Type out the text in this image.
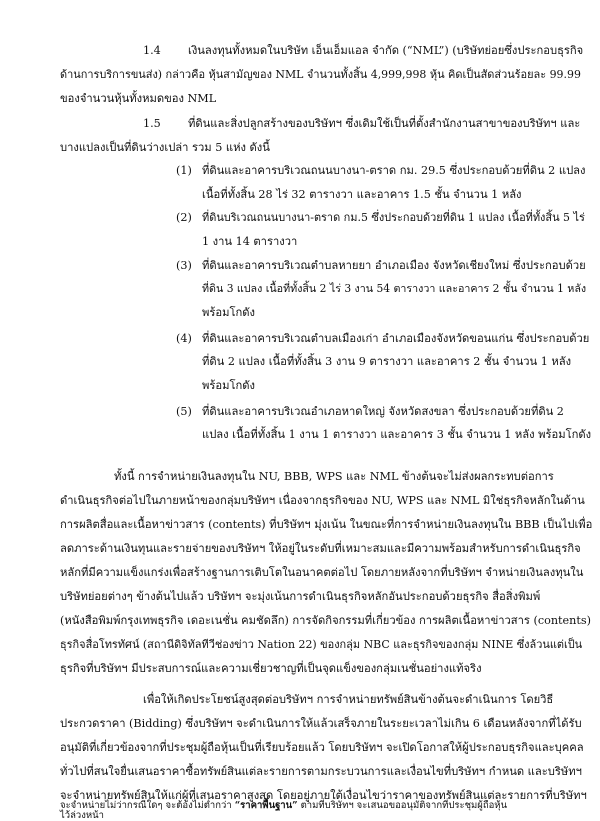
1.4 เงินลงทุนทั้งหมดในบริษัท เอ็นเอ็มแอล จำกัด (“NML”) (บริษัทย่อยซึ่งประกอบธุรกิจ
ด้านการบริการขนส่ง) กล่าวคือ หุ้นสามัญของ NML จำนวนทั้งสิ้น 4,999,998 หุ้น คิดเป็นสัดส่วนร้อยละ 99.99
ของจำนวนหุ้นทั้งหมดของ NML
1.5 ที่ดินและสิ่งปลูกสร้างของบริษัทฯ ซึ่งเดิมใช้เป็นที่ตั้งสำนักงานสาขาของบริษัทฯ และ
บางแปลงเป็นที่ดินว่างเปล่า รวม 5 แห่ง ดังนี้
(1) ที่ดินและอาคารบริเวณถนนบางนา-ตราด กม. 29.5 ซึ่งประกอบด้วยที่ดิน 2 แปลง
เนื้อที่ทั้งสิ้น 28 ไร่ 32 ตารางวา และอาคาร 1.5 ชั้น จำนวน 1 หลัง
(2) ที่ดินบริเวณถนนบางนา-ตราด กม.5 ซึ่งประกอบด้วยที่ดิน 1 แปลง เนื้อที่ทั้งสิ้น 5 ไร่
1 งาน 14 ตารางวา
(3) ที่ดินและอาคารบริเวณตำบลหายยา อำเภอเมือง จังหวัดเชียงใหม่ ซึ่งประกอบด้วย
ที่ดิน 3 แปลง เนื้อที่ทั้งสิ้น 2 ไร่ 3 งาน 54 ตารางวา และอาคาร 2 ชั้น จำนวน 1 หลัง
พร้อมโกดัง
(4) ที่ดินและอาคารบริเวณตำบลเมืองเก่า อำเภอเมืองจังหวัดขอนแก่น ซึ่งประกอบด้วย
ที่ดิน 2 แปลง เนื้อที่ทั้งสิ้น 3 งาน 9 ตารางวา และอาคาร 2 ชั้น จำนวน 1 หลัง
พร้อมโกดัง
(5) ที่ดินและอาคารบริเวณอำเภอหาดใหญ่ จังหวัดสงขลา ซึ่งประกอบด้วยที่ดิน 2
แปลง เนื้อที่ทั้งสิ้น 1 งาน 1 ตารางวา และอาคาร 3 ชั้น จำนวน 1 หลัง พร้อมโกดัง
ทั้งนี้ การจำหน่ายเงินลงทุนใน NU, BBB, WPS และ NML ข้างต้นจะไม่ส่งผลกระทบต่อการ
ดำเนินธุรกิจต่อไปในภายหน้าของกลุ่มบริษัทฯ เนื่องจากธุรกิจของ NU, WPS และ NML มิใช่ธุรกิจหลักในด้าน
การผลิตสื่อและเนื้อหาข่าวสาร (contents) ที่บริษัทฯ มุ่งเน้น ในขณะที่การจำหน่ายเงินลงทุนใน BBB เป็นไปเพื่อ
ลดภาระด้านเงินทุนและรายจ่ายของบริษัทฯ ให้อยู่ในระดับที่เหมาะสมและมีความพร้อมสำหรับการดำเนินธุรกิจ
หลักที่มีความแข็งแกร่งเพื่อสร้างฐานการเติบโตในอนาคตต่อไป โดยภายหลังจากที่บริษัทฯ จำหน่ายเงินลงทุนใน
บริษัทย่อยต่างๆ ข้างต้นไปแล้ว บริษัทฯ จะมุ่งเน้นการดำเนินธุรกิจหลักอันประกอบด้วยธุรกิจ สื่อสิ่งพิมพ์
(หนังสือพิมพ์กรุงเทพธุรกิจ เดอะเนชั่น คมชัดลึก) การจัดกิจกรรมที่เกี่ยวข้อง การผลิตเนื้อหาข่าวสาร (contents)
ธุรกิจสื่อโทรทัศน์ (สถานีดิจิทัลทีวีช่องข่าว Nation 22) ของกลุ่ม NBC และธุรกิจของกลุ่ม NINE ซึ่งล้วนแต่เป็น
ธุรกิจที่บริษัทฯ มีประสบการณ์และความเชี่ยวชาญที่เป็นจุดแข็งของกลุ่มเนชั่นอย่างแท้จริง
เพื่อให้เกิดประโยชน์สูงสุดต่อบริษัทฯ การจำหน่ายทรัพย์สินข้างต้นจะดำเนินการ โดยวิธี
ประกวดราคา (Bidding) ซึ่งบริษัทฯ จะดำเนินการให้แล้วเสร็จภายในระยะเวลาไม่เกิน 6 เดือนหลังจากที่ได้รับ
อนุมัติที่เกี่ยวข้องจากที่ประชุมผู้ถือหุ้นเป็นที่เรียบร้อยแล้ว โดยบริษัทฯ จะเปิดโอกาสให้ผู้ประกอบธุรกิจและบุคคล
ทั่วไปที่สนใจยื่นเสนอราคาซื้อทรัพย์สินแต่ละรายการตามกระบวนการและเงื่อนไขที่บริษัทฯ กำหนด และบริษัทฯ
จะจำหน่ายทรัพย์สินให้แก่ผู้ที่เสนอราคาสูงสุด โดยอยู่ภายใต้เงื่อนไขว่าราคาของทรัพย์สินแต่ละรายการที่บริษัทฯ
จะจำหน่ายไม่ว่ากรณีใดๆ จะต้องไม่ต่ำกว่า “ราคาพื้นฐาน” ตามที่บริษัทฯ จะเสนอขออนุมัติจากที่ประชุมผู้ถือหุ้น
ไว้ล่วงหน้า
